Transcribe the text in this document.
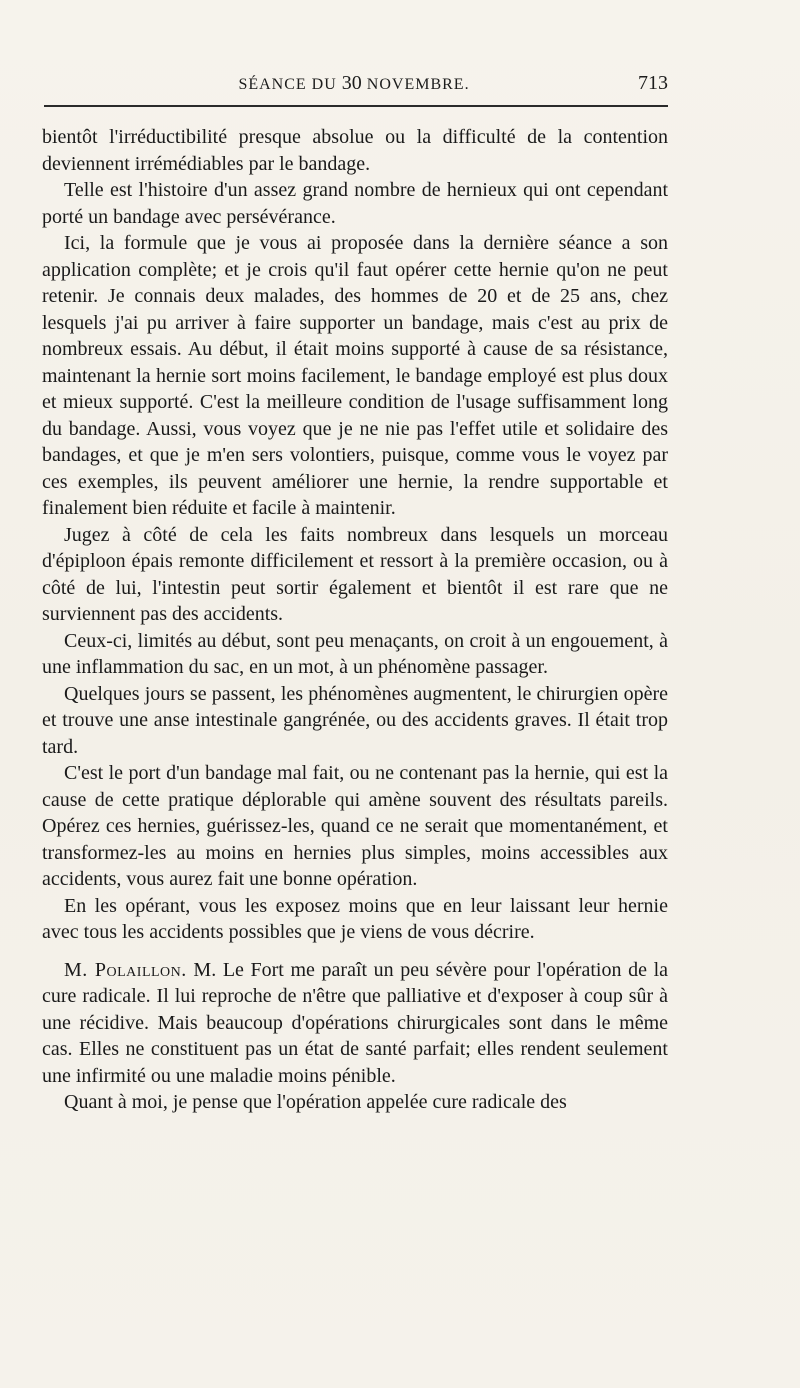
SÉANCE DU 30 NOVEMBRE.	713

bientôt l'irréductibilité presque absolue ou la difficulté de la contention deviennent irrémédiables par le bandage.

Telle est l'histoire d'un assez grand nombre de hernieux qui ont cependant porté un bandage avec persévérance.

Ici, la formule que je vous ai proposée dans la dernière séance a son application complète; et je crois qu'il faut opérer cette hernie qu'on ne peut retenir. Je connais deux malades, des hommes de 20 et de 25 ans, chez lesquels j'ai pu arriver à faire supporter un bandage, mais c'est au prix de nombreux essais. Au début, il était moins supporté à cause de sa résistance, maintenant la hernie sort moins facilement, le bandage employé est plus doux et mieux supporté. C'est la meilleure condition de l'usage suffisamment long du bandage. Aussi, vous voyez que je ne nie pas l'effet utile et solidaire des bandages, et que je m'en sers volontiers, puisque, comme vous le voyez par ces exemples, ils peuvent améliorer une hernie, la rendre supportable et finalement bien réduite et facile à maintenir.

Jugez à côté de cela les faits nombreux dans lesquels un morceau d'épiploon épais remonte difficilement et ressort à la première occasion, ou à côté de lui, l'intestin peut sortir également et bientôt il est rare que ne surviennent pas des accidents.

Ceux-ci, limités au début, sont peu menaçants, on croit à un engouement, à une inflammation du sac, en un mot, à un phénomène passager.

Quelques jours se passent, les phénomènes augmentent, le chirurgien opère et trouve une anse intestinale gangrénée, ou des accidents graves. Il était trop tard.

C'est le port d'un bandage mal fait, ou ne contenant pas la hernie, qui est la cause de cette pratique déplorable qui amène souvent des résultats pareils. Opérez ces hernies, guérissez-les, quand ce ne serait que momentanément, et transformez-les au moins en hernies plus simples, moins accessibles aux accidents, vous aurez fait une bonne opération.

En les opérant, vous les exposez moins que en leur laissant leur hernie avec tous les accidents possibles que je viens de vous décrire.

M. Polaillon. M. Le Fort me paraît un peu sévère pour l'opération de la cure radicale. Il lui reproche de n'être que palliative et d'exposer à coup sûr à une récidive. Mais beaucoup d'opérations chirurgicales sont dans le même cas. Elles ne constituent pas un état de santé parfait; elles rendent seulement une infirmité ou une maladie moins pénible.

Quant à moi, je pense que l'opération appelée cure radicale des
